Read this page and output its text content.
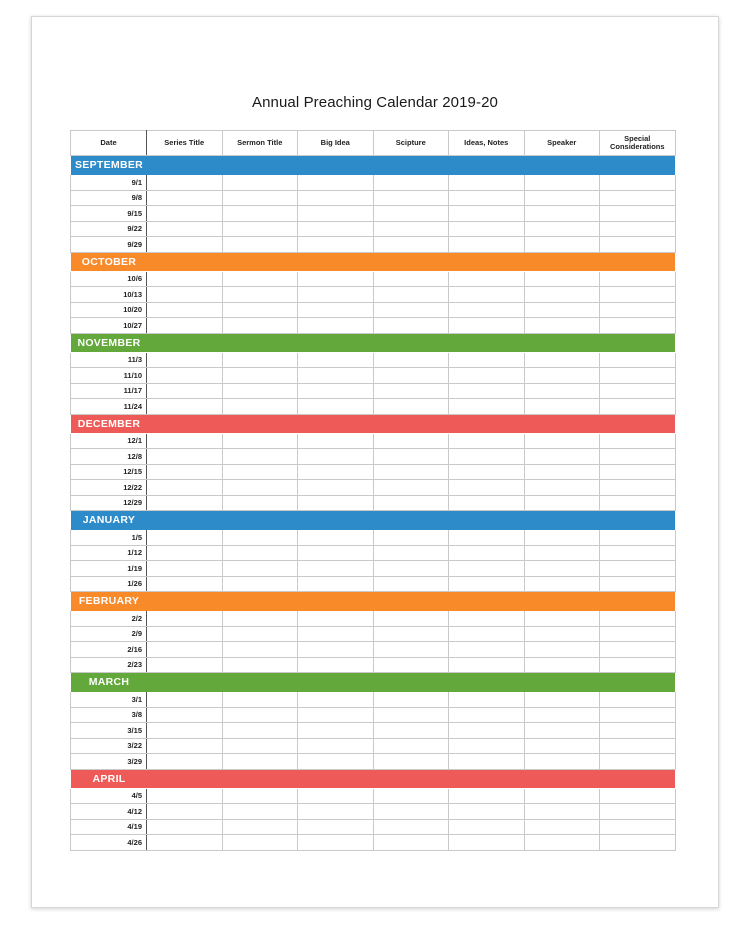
Annual Preaching Calendar 2019-20
Date	Series Title	Sermon Title	Big Idea	Scipture	Ideas, Notes	Speaker	Special Considerations
SEPTEMBER							
9/1							
9/8							
9/15							
9/22							
9/29							
OCTOBER							
10/6							
10/13							
10/20							
10/27							
NOVEMBER							
11/3							
11/10							
11/17							
11/24							
DECEMBER							
12/1							
12/8							
12/15							
12/22							
12/29							
JANUARY							
1/5							
1/12							
1/19							
1/26							
FEBRUARY							
2/2							
2/9							
2/16							
2/23							
MARCH							
3/1							
3/8							
3/15							
3/22							
3/29							
APRIL							
4/5							
4/12							
4/19							
4/26							
